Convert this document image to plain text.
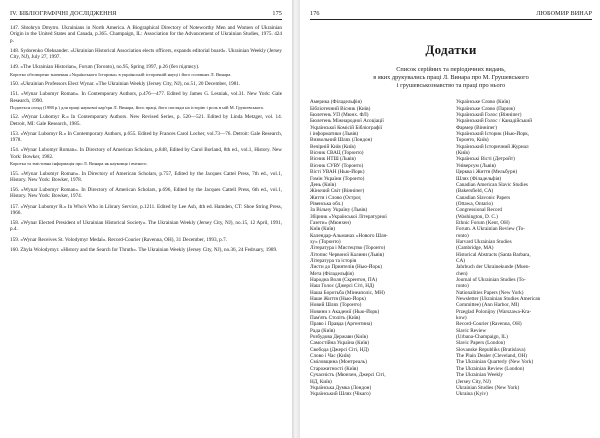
IV. БІБЛІОГРАФІЧНІ ДОСЛІДЖЕННЯ	175
147. Shtohryn Dmytro. Ukrainians in North America. A Biographical Directory of Noteworthy Men and Women of Ukrainian Origin in the United States and Canada, p.365. Champaign, IL: Association for the Advancement of Ukrainian Studies, 1975. 424 p.
148. Sydorenko Oleksander. «Ukrainian Historical Association elects officers, expands editorial board». Ukrainian Weekly (Jersey City, NJ), July 27, 1997.
149. «The Ukrainian Historian», Forum (Toronto), no.95, Spring 1997, p.26 (без підпису).
Коротко обговорено значення «Українського Історика» в українській історичній науці і його головних Л. Винара.
150. «Ukrainian Professors Elect Wynar. «The Ukrainian Weekly (Jersey City, NJ), no.51, 20 December, 1981.
151. «Wynar Lubomyr Roman». In Contemporary Authors, p.476—477. Edited by James G. Lesniak, vol.31. New York: Gale Research, 1990.
Подається огляд (1988 р.) для праці наукової кар'єри Л. Винара, його праці, його погляди на історію і роль в ній М. Грушевського.
152. «Wynar Lubomyr R.» In Contemporary Authors. New Revised Series, p. 520—521. Edited by Linda Metzger, vol. 14. Detroit, MI: Gale Research, 1985.
153. «Wynar Lubomyr R.» In Contemporary Authors, p.655. Edited by Frances Carol Locher, vol.73—76. Detroit: Gale Research, 1978.
154. «Wynar Lubomyr Roman». In Directory of American Scholars, p.848, Edited by Carol Borland, 8th ed., vol.1, History. New York: Bowker, 1982.
Коротка та змістовна інформація про Л. Винара як науковця і вченого.
155. «Wynar Lubomyr Roman». In Directory of American Scholars, p.757, Edited by the Jacques Cattel Press, 7th ed., vol.1, History. New York: Bowker, 1978.
156. «Wynar Lubomyr Roman». In Directory of American Scholars, p.696, Edited by the Jacques Cattell Press, 6th ed., vol.1, History. New York: Bowker, 1974.
157. «Wynar Lubomyr R.» In Who's Who in Library Service, p.1211. Edited by Lee Ash, 4th ed. Hamden, CT: Shoe String Press, 1966.
158. «Wynar Elected President of Ukrainian Historical Society». The Ukrainian Weekly (Jersey City, NJ), no.15, 12 April, 1991, p.4.
159. «Wynar Receives St. Volodymyr Medal». Record-Courier (Ravenna, OH), 31 December, 1993, p.7.
160. Zhyla Wolodymyr. «History and the Search for Thruth». The Ukrainian Weekly (Jersey City, NJ), no.36, 24 Fedruary, 1989.
176	ЛЮБОМИР ВИНАР
Додатки
Список серійних та періодичних видань,
в яких друкувались праці Л. Винара про М. Грушевського
і грушевськознавство та праці про нього
Америка (Філадельфія)
Бібліотечний Вісник (Київ)
Бюлетень УП (Мюнх. ФЛ)
Бюлетень Міжнародної Асоціації
Української Комісій Бібліографії
і інформатики (Львів)
Визвольний Шлях (Лондон)
Вечірній Київ (Київ)
Вісник СВАЦ (Торонто)
Вісник НТШ (Львів)
Вісник СУВУ (Торонто)
Вісті УВАН (Нью-Йорк)
Гомін України (Торонто)
День (Київ)
Жіночий Світ (Вінніпег)
Життя і Слово (Острог,
Рівенська обл.)
За Вільну Україну (Львів)
Збірник «Української Літературної
Газети» (Мюнхен)
Київ (Київ)
Календар-Альманах «Нового Шля-
ху» (Торонто)
Література і Мистецтво (Торонто)
Літопис Червоної Калини (Львів)
Література та історія
Листи до Приятелів (Нью-Йорк)
Мета (Філадельфія)
Народна Воля (Скрентон, ПА)
Наш Голос (Джерсі Сіті, НД)
Наша Боротьба (Мінеаполіс, МН)
Наше Життя (Нью-Йорк)
Новий Шлях (Торонто)
Новини з Академії (Нью-Йорк)
Пам'ять Століть (Київ)
Право і Правда (Аргентина)
Рада (Київ)
Розбудова Держави (Київ)
Самостійна Україна (Київ)
Свобода (Джерсі Сіті, НД)
Слово і Час (Київ)
Сміловщина (Монтреаль)
Старожитності (Київ)
Сучасність (Мюнхен, Джерсі Сіті,
НД, Київ)
Українська Думка (Лондон)
Український Шлях (Чікаго)
Українське Слово (Київ)
Українське Слово (Париж)
Український Голос (Вінніпег)
Український Голос / Канадійський
Фармер (Вінніпег)
Український Історик (Нью-Йорк,
Торонто, Київ)
Український Історичний Журнал
(Київ)
Українські Вісті (Детройт)
Універсум (Львів)
Церква і Життя (Мельбурн)
Шлях (Філадельфія)
Canadian American Slavic Studies
(Bakersfield, CA)
Canadian Slavonic Papers
(Ottawa, Ontario)
Congressional Record
(Washington, D. C.)
Ethnic Forum (Kent, OH)
Forum. A Ukrainian Review (To-
ronto)
Harvard Ukrainian Studies
(Cambridge, MA)
Historical Abstracts (Santa Barbara,
CA)
Jahrbuch der Ukrainekunde (Muen-
chen)
Journal of Ukrainian Studies (To-
ronto)
Nationalities Papers (New York)
Newsletter (Ukrainian Studies American
Committee) (Ann Harbor, MI)
Przeglad Polonijny (Warszawa-Kra-
kow)
Record-Courier (Ravenna, OH)
Slavic Review
(Urbana-Champaign, IL)
Slavic Papers (London)
Slovanske Republiks (Bratislava)
The Plain Dealer (Cleveland, OH)
The Ukrainian Quarterly (New York)
The Ukrainian Review (London)
The Ukrainian Weekly
(Jersey City, NJ)
Ukrainian Studies (New York)
Ukraina (Kyiv)
